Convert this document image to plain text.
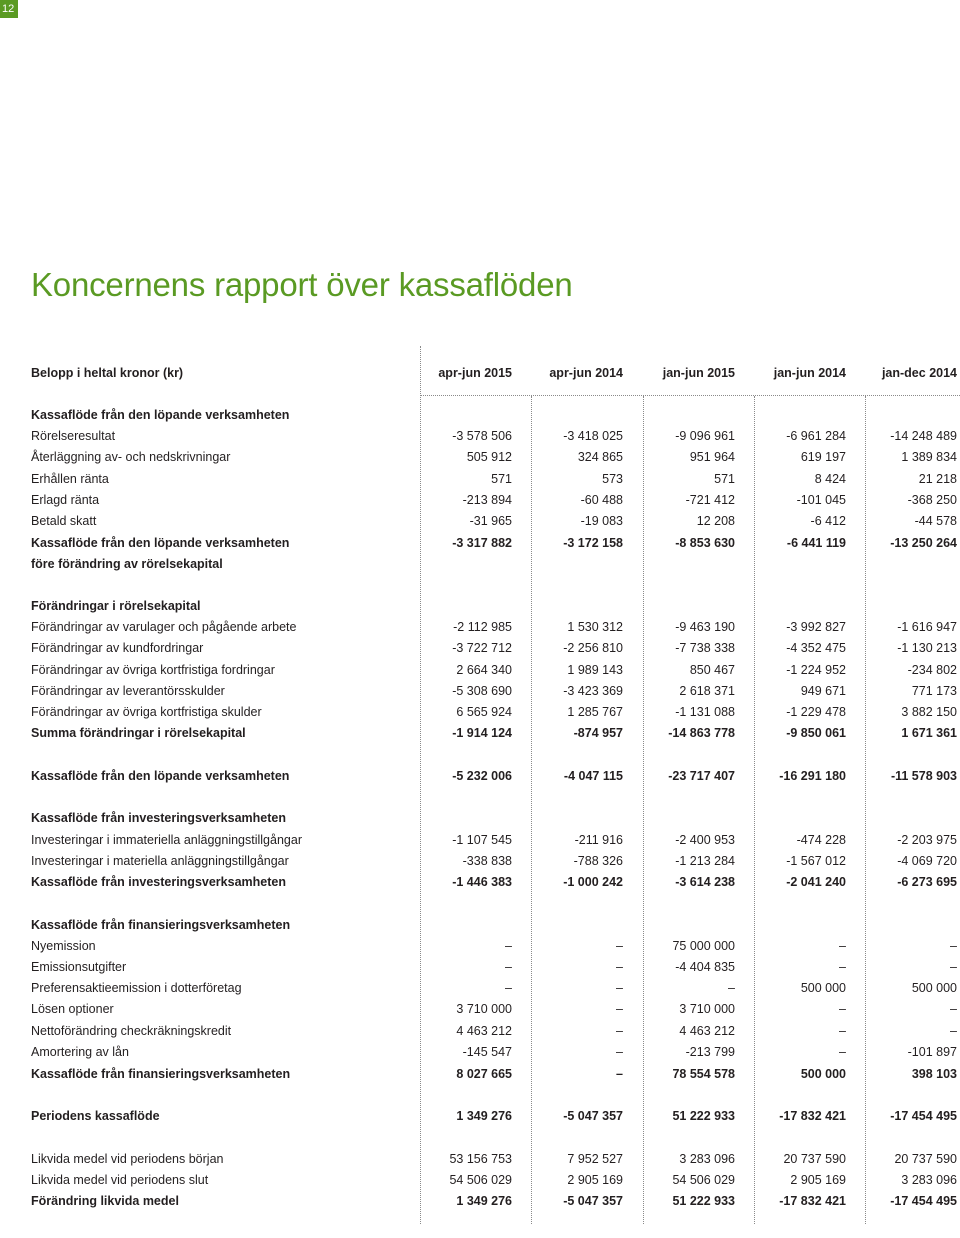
12
Koncernens rapport över kassaflöden
Belopp i heltal kronor (kr)	apr-jun 2015	apr-jun 2014	jan-jun 2015	jan-jun 2014	jan-dec 2014
Kassaflöde från den löpande verksamheten
Rörelseresultat	-3 578 506	-3 418 025	-9 096 961	-6 961 284	-14 248 489
Återläggning av- och nedskrivningar	505 912	324 865	951 964	619 197	1 389 834
Erhållen ränta	571	573	571	8 424	21 218
Erlagd ränta	-213 894	-60 488	-721 412	-101 045	-368 250
Betald skatt	-31 965	-19 083	12 208	-6 412	-44 578
Kassaflöde från den löpande verksamheten	-3 317 882	-3 172 158	-8 853 630	-6 441 119	-13 250 264
före förändring av rörelsekapital
Förändringar i rörelsekapital
Förändringar av varulager och pågående arbete	-2 112 985	1 530 312	-9 463 190	-3 992 827	-1 616 947
Förändringar av kundfordringar	-3 722 712	-2 256 810	-7 738 338	-4 352 475	-1 130 213
Förändringar av övriga kortfristiga fordringar	2 664 340	1 989 143	850 467	-1 224 952	-234 802
Förändringar av leverantörsskulder	-5 308 690	-3 423 369	2 618 371	949 671	771 173
Förändringar av övriga kortfristiga skulder	6 565 924	1 285 767	-1 131 088	-1 229 478	3 882 150
Summa förändringar i rörelsekapital	-1 914 124	-874 957	-14 863 778	-9 850 061	1 671 361
Kassaflöde från den löpande verksamheten	-5 232 006	-4 047 115	-23 717 407	-16 291 180	-11 578 903
Kassaflöde från investeringsverksamheten
Investeringar i immateriella anläggningstillgångar	-1 107 545	-211 916	-2 400 953	-474 228	-2 203 975
Investeringar i materiella anläggningstillgångar	-338 838	-788 326	-1 213 284	-1 567 012	-4 069 720
Kassaflöde från investeringsverksamheten	-1 446 383	-1 000 242	-3 614 238	-2 041 240	-6 273 695
Kassaflöde från finansieringsverksamheten
Nyemission	–	–	75 000 000	–	–
Emissionsutgifter	–	–	-4 404 835	–	–
Preferensaktieemission i dotterföretag	–	–	–	500 000	500 000
Lösen optioner	3 710 000	–	3 710 000	–	–
Nettoförändring checkräkningskredit	4 463 212	–	4 463 212	–	–
Amortering av lån	-145 547	–	-213 799	–	-101 897
Kassaflöde från finansieringsverksamheten	8 027 665	–	78 554 578	500 000	398 103
Periodens kassaflöde	1 349 276	-5 047 357	51 222 933	-17 832 421	-17 454 495
Likvida medel vid periodens början	53 156 753	7 952 527	3 283 096	20 737 590	20 737 590
Likvida medel vid periodens slut	54 506 029	2 905 169	54 506 029	2 905 169	3 283 096
Förändring likvida medel	1 349 276	-5 047 357	51 222 933	-17 832 421	-17 454 495
